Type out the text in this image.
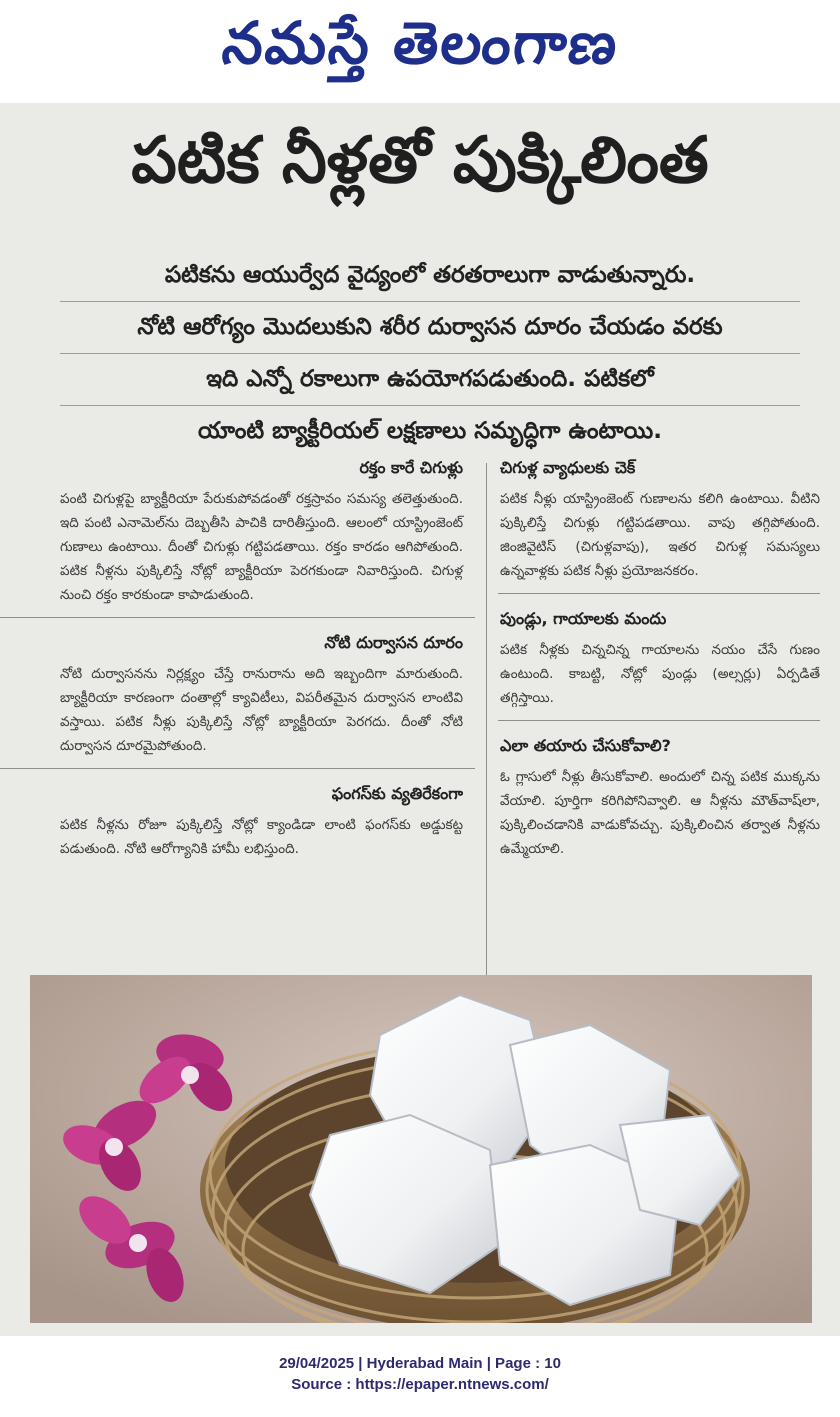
నమస్తే తెలంగాణ
పటిక నీళ్లతో పుక్కిలింత
పటికను ఆయుర్వేద వైద్యంలో తరతరాలుగా వాడుతున్నారు.
నోటి ఆరోగ్యం మొదలుకుని శరీర దుర్వాసన దూరం చేయడం వరకు
ఇది ఎన్నో రకాలుగా ఉపయోగపడుతుంది. పటికలో
యాంటి బ్యాక్టీరియల్ లక్షణాలు సమృద్ధిగా ఉంటాయి.
రక్తం కారే చిగుళ్లు

పంటి చిగుళ్లపై బ్యాక్టీరియా పేరుకుపోవడంతో రక్తస్రావం సమస్య తలెత్తుతుంది. ఇది పంటి ఎనామెల్‌ను దెబ్బతీసి పాచికి దారితీస్తుంది. ఆలంలో యాస్ట్రింజెంట్ గుణాలు ఉంటాయి. దీంతో చిగుళ్లు గట్టిపడతాయి. రక్తం కారడం ఆగిపోతుంది. పటిక నీళ్లను పుక్కిలిస్తే నోట్లో బ్యాక్టీరియా పెరగకుండా నివారిస్తుంది. చిగుళ్ల నుంచి రక్తం కారకుండా కాపాడుతుంది.

నోటి దుర్వాసన దూరం

నోటి దుర్వాసనను నిర్లక్ష్యం చేస్తే రానురాను అది ఇబ్బందిగా మారుతుంది. బ్యాక్టీరియా కారణంగా దంతాల్లో క్యావిటీలు, విపరీతమైన దుర్వాసన లాంటివి వస్తాయి. పటిక నీళ్లు పుక్కిలిస్తే నోట్లో బ్యాక్టీరియా పెరగదు. దీంతో నోటి దుర్వాసన దూరమైపోతుంది.

ఫంగస్‌కు వ్యతిరేకంగా

పటిక నీళ్లను రోజూ పుక్కిలిస్తే నోట్లో క్యాండిడా లాంటి ఫంగస్‌కు అడ్డుకట్ట పడుతుంది. నోటి ఆరోగ్యానికి హామీ లభిస్తుంది.

చిగుళ్ల వ్యాధులకు చెక్

పటిక నీళ్లు యాస్ట్రింజెంట్ గుణాలను కలిగి ఉంటాయి. వీటిని పుక్కిలిస్తే చిగుళ్లు గట్టిపడతాయి. వాపు తగ్గిపోతుంది. జింజివైటిస్ (చిగుళ్లవాపు), ఇతర చిగుళ్ల సమస్యలు ఉన్నవాళ్లకు పటిక నీళ్లు ప్రయోజనకరం.

పుండ్లు, గాయాలకు మందు

పటిక నీళ్లకు చిన్నచిన్న గాయాలను నయం చేసే గుణం ఉంటుంది. కాబట్టి, నోట్లో పుండ్లు (అల్సర్లు) ఏర్పడితే తగ్గిస్తాయి.

ఎలా తయారు చేసుకోవాలి?

ఓ గ్లాసులో నీళ్లు తీసుకోవాలి. అందులో చిన్న పటిక ముక్కను వేయాలి. పూర్తిగా కరిగిపోనివ్వాలి. ఆ నీళ్లను మౌత్‌వాష్‌లా, పుక్కిలించడానికి వాడుకోవచ్చు. పుక్కిలించిన తర్వాత నీళ్లను ఉమ్మేయాలి.

29/04/2025 | Hyderabad Main | Page : 10
Source : https://epaper.ntnews.com/
